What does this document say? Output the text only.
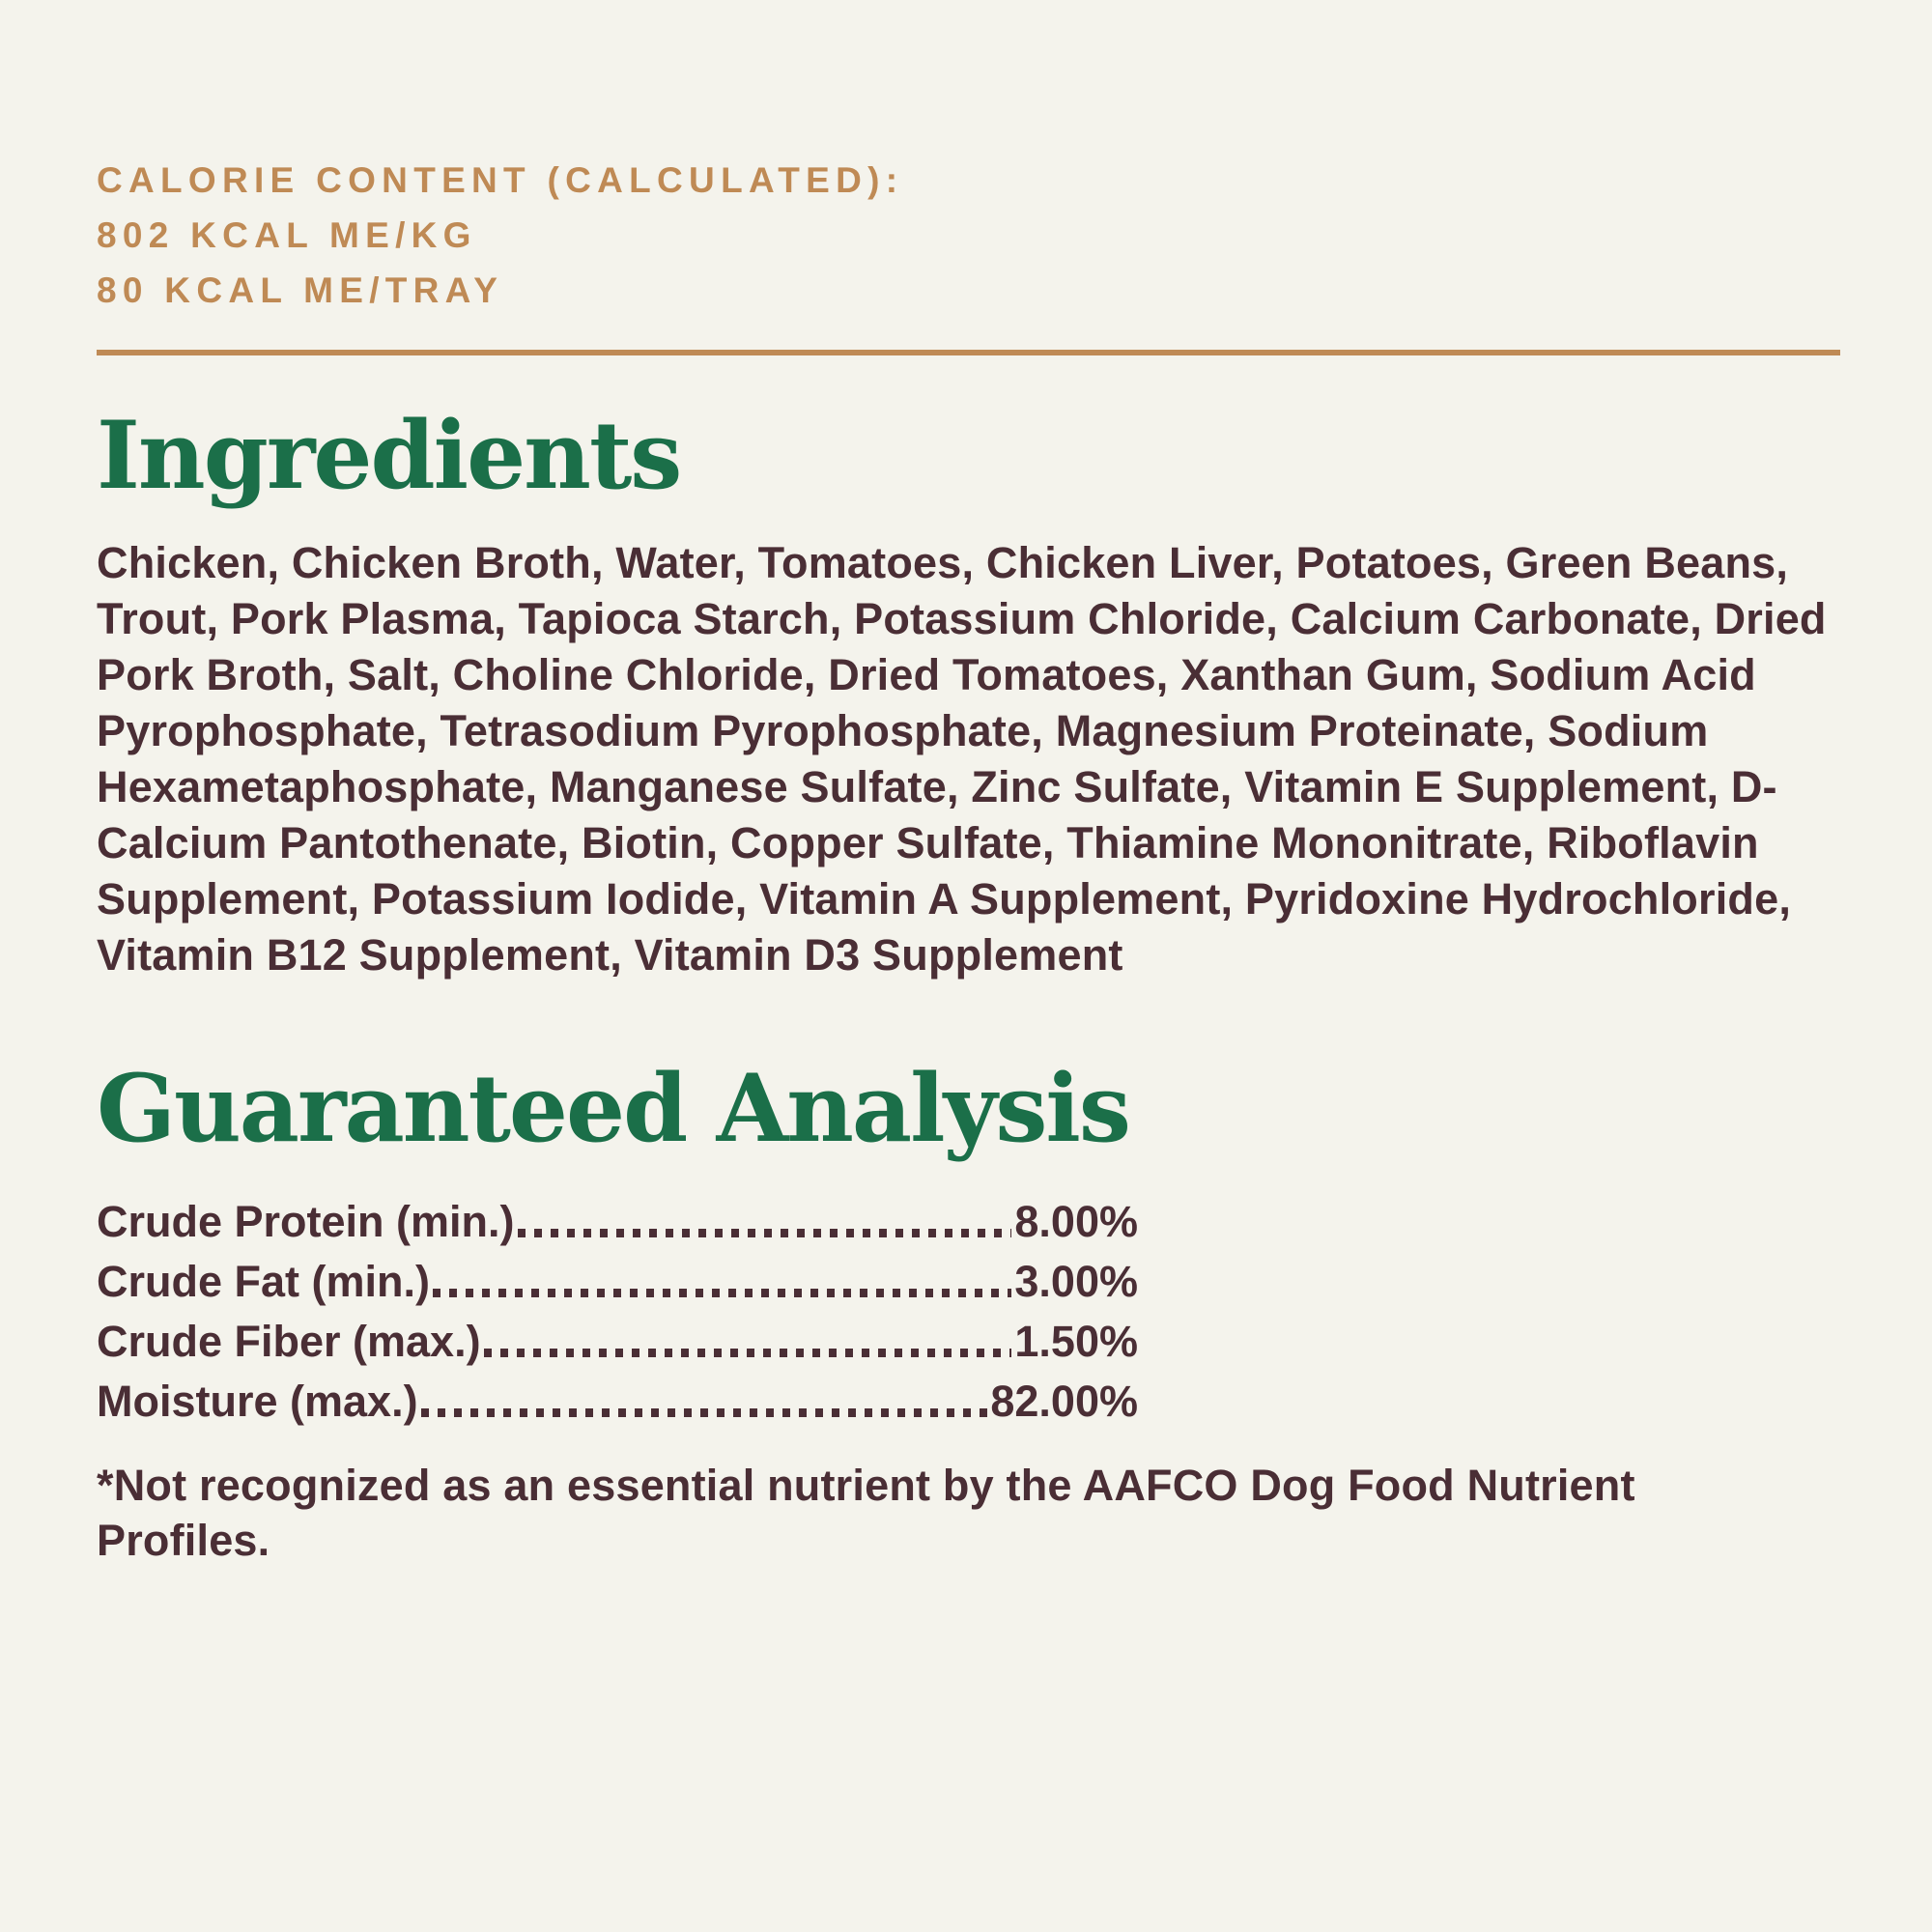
CALORIE CONTENT (CALCULATED):
802 KCAL ME/KG
80 KCAL ME/TRAY
Ingredients

Chicken, Chicken Broth, Water, Tomatoes, Chicken Liver, Potatoes, Green Beans, Trout, Pork Plasma, Tapioca Starch, Potassium Chloride, Calcium Carbonate, Dried Pork Broth, Salt, Choline Chloride, Dried Tomatoes, Xanthan Gum, Sodium Acid Pyrophosphate, Tetrasodium Pyrophosphate, Magnesium Proteinate, Sodium Hexametaphosphate, Manganese Sulfate, Zinc Sulfate, Vitamin E Supplement, D-Calcium Pantothenate, Biotin, Copper Sulfate, Thiamine Mononitrate, Riboflavin Supplement, Potassium Iodide, Vitamin A Supplement, Pyridoxine Hydrochloride, Vitamin B12 Supplement, Vitamin D3 Supplement

Guaranteed Analysis
Crude Protein (min.)	8.00%
Crude Fat (min.)	3.00%
Crude Fiber (max.)	1.50%
Moisture (max.)	82.00%

*Not recognized as an essential nutrient by the AAFCO Dog Food Nutrient Profiles.
